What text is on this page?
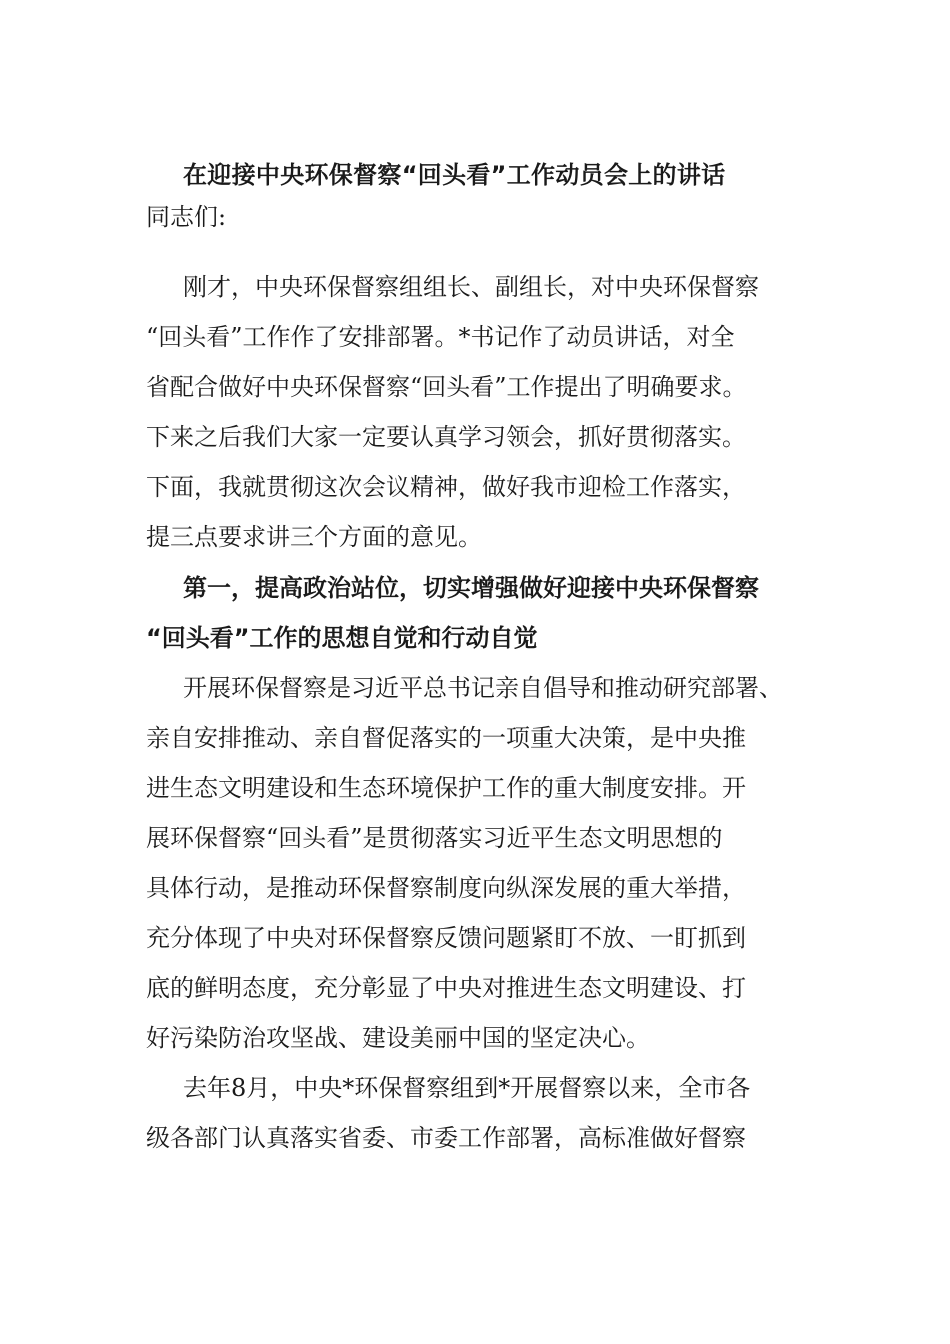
在迎接中央环保督察“回头看”工作动员会上的讲话
同志们:
刚才，中央环保督察组组长、副组长，对中央环保督察
“回头看”工作作了安排部署。*书记作了动员讲话，对全
省配合做好中央环保督察“回头看”工作提出了明确要求。
下来之后我们大家一定要认真学习领会，抓好贯彻落实。
下面，我就贯彻这次会议精神，做好我市迎检工作落实，
提三点要求讲三个方面的意见。
第一，提高政治站位，切实增强做好迎接中央环保督察
“回头看”工作的思想自觉和行动自觉
开展环保督察是习近平总书记亲自倡导和推动研究部署、
亲自安排推动、亲自督促落实的一项重大决策，是中央推
进生态文明建设和生态环境保护工作的重大制度安排。开
展环保督察“回头看”是贯彻落实习近平生态文明思想的
具体行动，是推动环保督察制度向纵深发展的重大举措，
充分体现了中央对环保督察反馈问题紧盯不放、一盯抓到
底的鲜明态度，充分彰显了中央对推进生态文明建设、打
好污染防治攻坚战、建设美丽中国的坚定决心。
去年8月，中央*环保督察组到*开展督察以来，全市各
级各部门认真落实省委、市委工作部署，高标准做好督察
